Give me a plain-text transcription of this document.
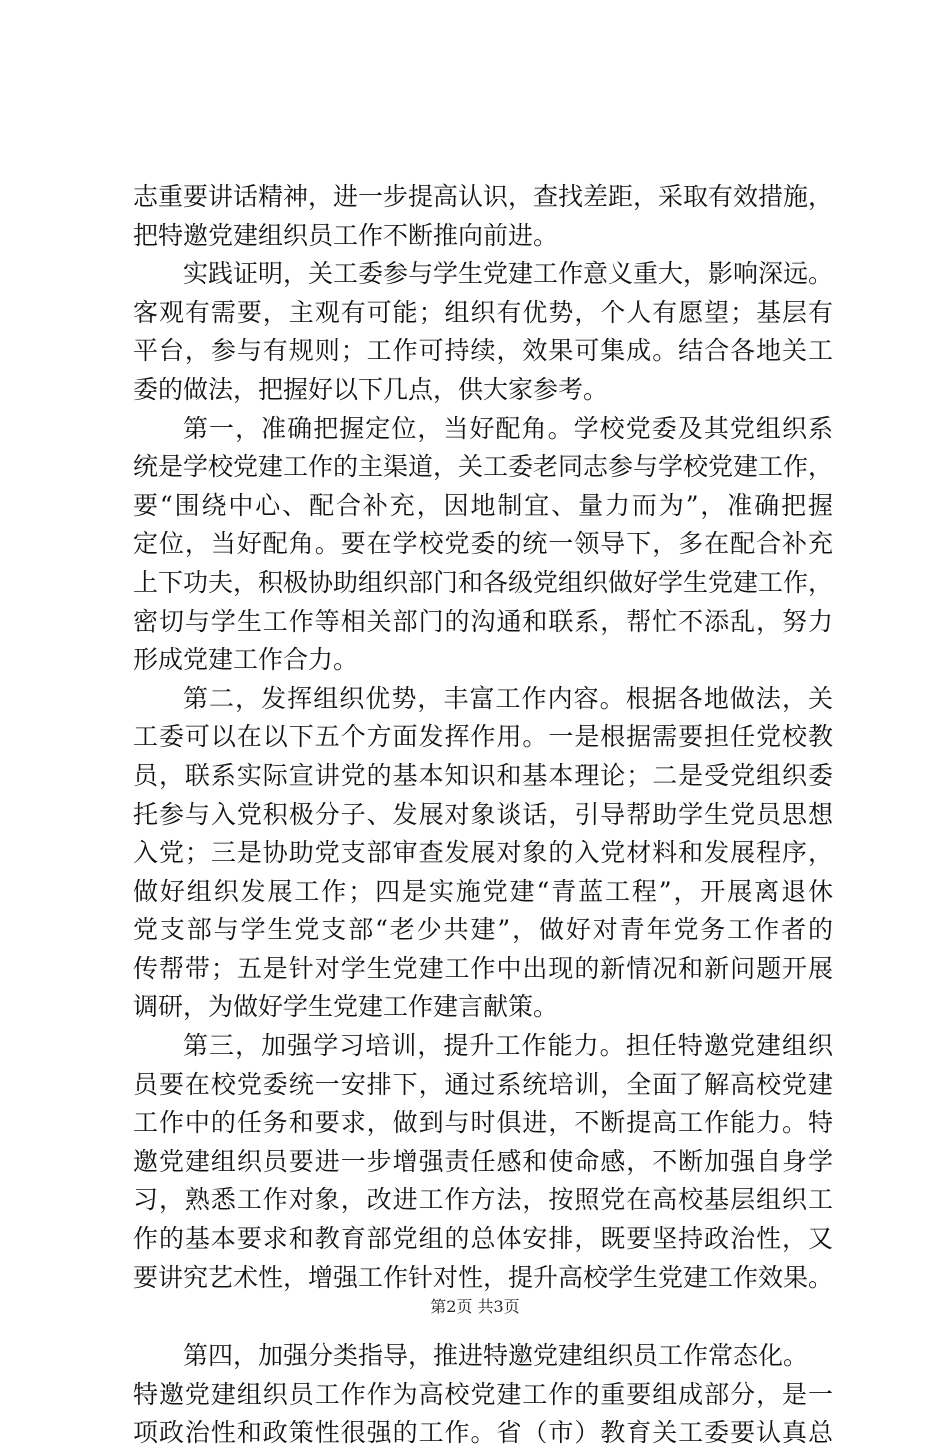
志重要讲话精神，进一步提高认识，查找差距，采取有效措施，
把特邀党建组织员工作不断推向前进。
实践证明，关工委参与学生党建工作意义重大，影响深远。
客观有需要，主观有可能；组织有优势，个人有愿望；基层有
平台，参与有规则；工作可持续，效果可集成。结合各地关工
委的做法，把握好以下几点，供大家参考。
第一，准确把握定位，当好配角。学校党委及其党组织系
统是学校党建工作的主渠道，关工委老同志参与学校党建工作，
要“围绕中心、配合补充，因地制宜、量力而为”，准确把握
定位，当好配角。要在学校党委的统一领导下，多在配合补充
上下功夫，积极协助组织部门和各级党组织做好学生党建工作，
密切与学生工作等相关部门的沟通和联系，帮忙不添乱，努力
形成党建工作合力。
第二，发挥组织优势，丰富工作内容。根据各地做法，关
工委可以在以下五个方面发挥作用。一是根据需要担任党校教
员，联系实际宣讲党的基本知识和基本理论；二是受党组织委
托参与入党积极分子、发展对象谈话，引导帮助学生党员思想
入党；三是协助党支部审查发展对象的入党材料和发展程序，
做好组织发展工作；四是实施党建“青蓝工程”，开展离退休
党支部与学生党支部“老少共建”，做好对青年党务工作者的
传帮带；五是针对学生党建工作中出现的新情况和新问题开展
调研，为做好学生党建工作建言献策。
第三，加强学习培训，提升工作能力。担任特邀党建组织
员要在校党委统一安排下，通过系统培训，全面了解高校党建
工作中的任务和要求，做到与时俱进，不断提高工作能力。特
邀党建组织员要进一步增强责任感和使命感，不断加强自身学
习，熟悉工作对象，改进工作方法，按照党在高校基层组织工
作的基本要求和教育部党组的总体安排，既要坚持政治性，又
要讲究艺术性，增强工作针对性，提升高校学生党建工作效果。
第四，加强分类指导，推进特邀党建组织员工作常态化。
特邀党建组织员工作作为高校党建工作的重要组成部分，是一
项政治性和政策性很强的工作。省（市）教育关工委要认真总
第2页 共3页
